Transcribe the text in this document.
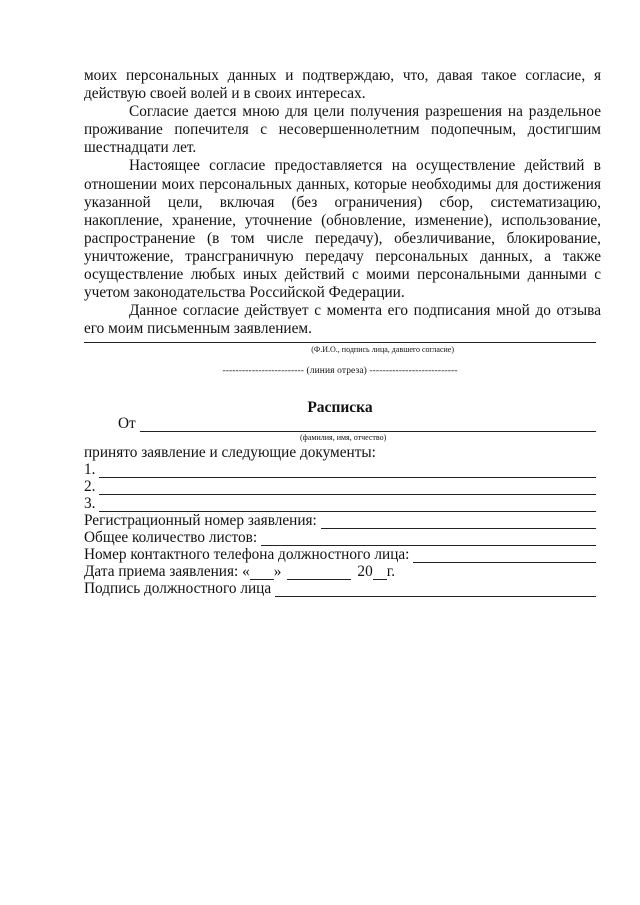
моих персональных данных и подтверждаю, что, давая такое согласие, я действую своей волей и в своих интересах.

Согласие дается мною для цели получения разрешения на раздельное проживание попечителя с несовершеннолетним подопечным, достигшим шестнадцати лет.

Настоящее согласие предоставляется на осуществление действий в отношении моих персональных данных, которые необходимы для достижения указанной цели, включая (без ограничения) сбор, систематизацию, накопление, хранение, уточнение (обновление, изменение), использование, распространение (в том числе передачу), обезличивание, блокирование, уничтожение, трансграничную передачу персональных данных, а также осуществление любых иных действий с моими персональными данными с учетом законодательства Российской Федерации.

Данное согласие действует с момента его подписания мной до отзыва его моим письменным заявлением.

(Ф.И.О., подпись лица, давшего согласие)
------------------------- (линия отреза) ---------------------------
Расписка
От
(фамилия, имя, отчество)
принято заявление и следующие документы:
1.
2.
3.
Регистрационный номер заявления:
Общее количество листов:
Номер контактного телефона должностного лица:
Дата приема заявления: « »	20 г.
Подпись должностного лица
